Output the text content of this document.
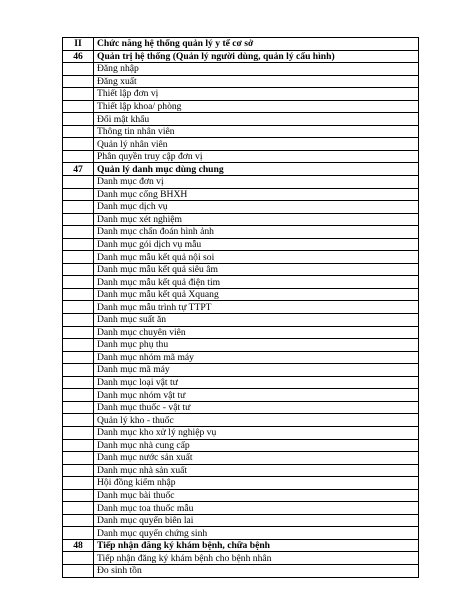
II	Chức năng hệ thống quản lý y tế cơ sở
46	Quản trị hệ thống (Quản lý người dùng, quản lý cấu hình)
	Đăng nhập
	Đăng xuất
	Thiết lập đơn vị
	Thiết lập khoa/ phòng
	Đổi mật khẩu
	Thông tin nhân viên
	Quản lý nhân viên
	Phân quyền truy cập đơn vị
47	Quản lý danh mục dùng chung
	Danh mục đơn vị
	Danh mục cổng BHXH
	Danh mục dịch vụ
	Danh mục xét nghiệm
	Danh mục chẩn đoán hình ảnh
	Danh mục gói dịch vụ mẫu
	Danh mục mẫu kết quả nội soi
	Danh mục mẫu kết quả siêu âm
	Danh mục mẫu kết quả điện tim
	Danh mục mẫu kết quả Xquang
	Danh mục mẫu trình tự TTPT
	Danh mục suất ăn
	Danh mục chuyên viên
	Danh mục phụ thu
	Danh mục nhóm mã máy
	Danh mục mã máy
	Danh mục loại vật tư
	Danh mục nhóm vật tư
	Danh mục thuốc - vật tư
	Quản lý kho - thuốc
	Danh mục kho xử lý nghiệp vụ
	Danh mục nhà cung cấp
	Danh mục nước sản xuất
	Danh mục nhà sản xuất
	Hội đồng kiểm nhập
	Danh mục bài thuốc
	Danh mục toa thuốc mẫu
	Danh mục quyển biên lai
	Danh mục quyển chứng sinh
48	Tiếp nhận đăng ký khám bệnh, chữa bệnh
	Tiếp nhận đăng ký khám bệnh cho bệnh nhân
	Đo sinh tồn
